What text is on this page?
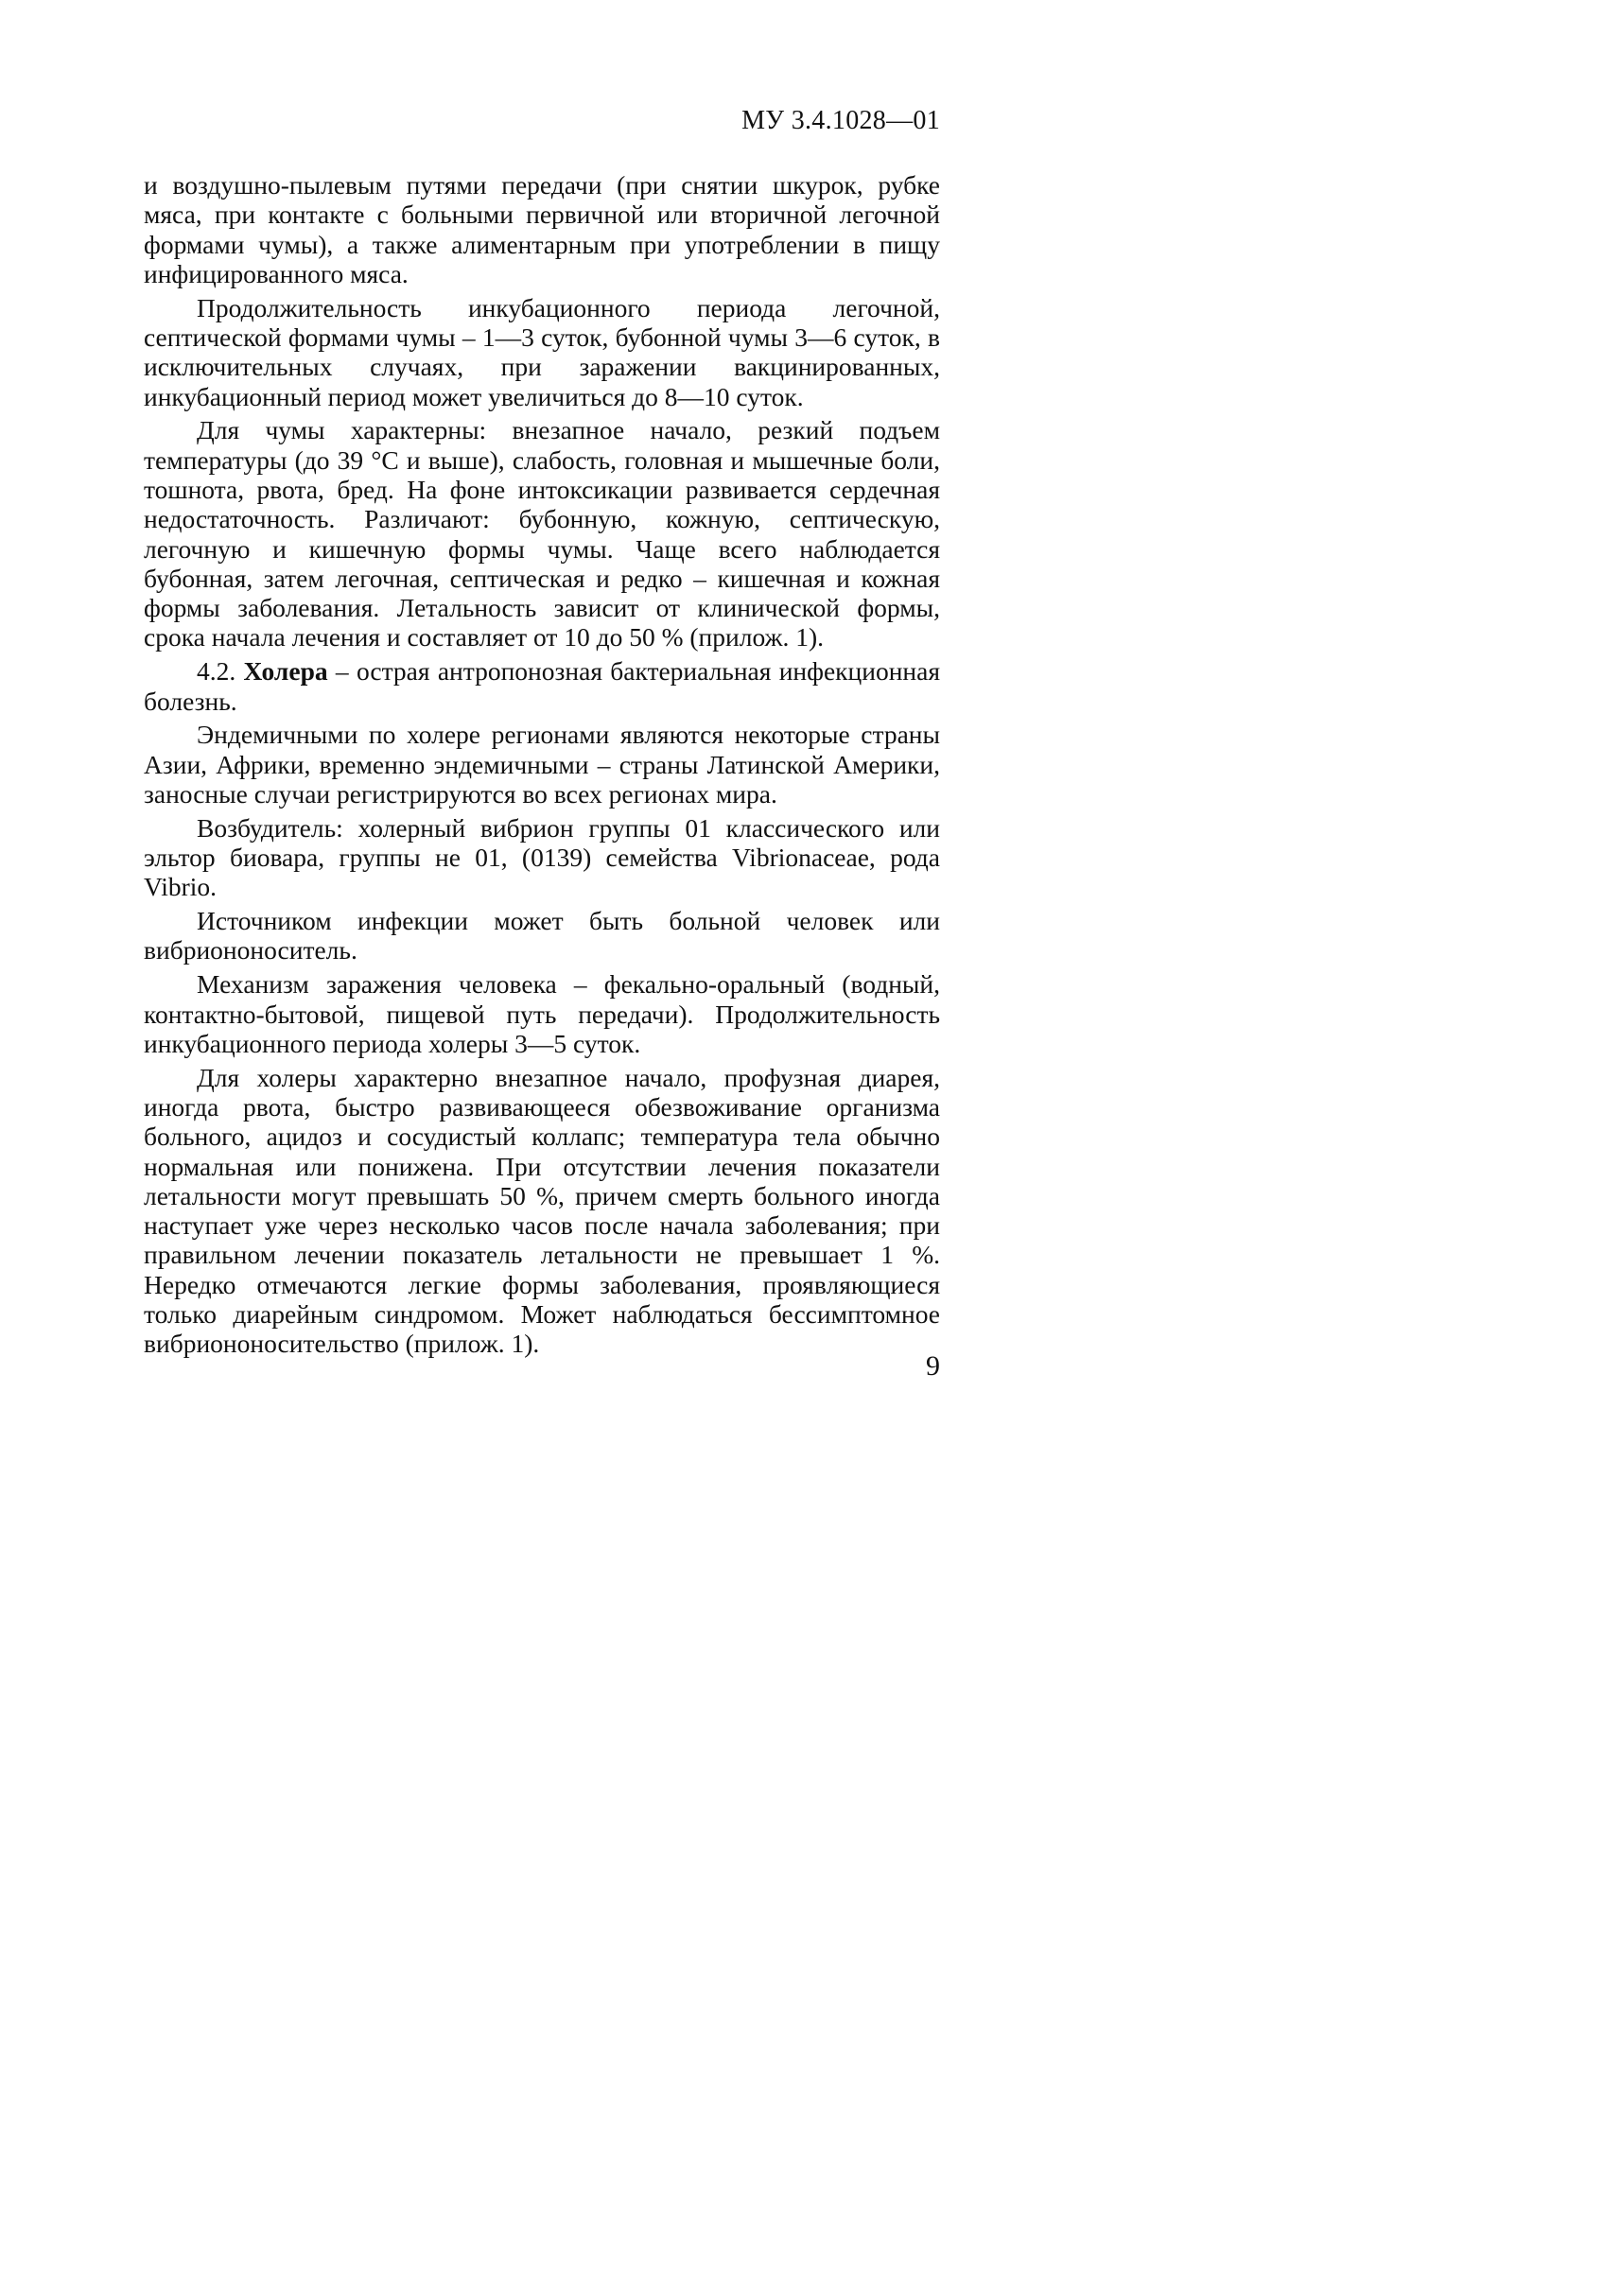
МУ 3.4.1028—01

и воздушно-пылевым путями передачи (при снятии шкурок, рубке мяса, при контакте с больными первичной или вторичной легочной формами чумы), а также алиментарным при употреблении в пищу инфицированного мяса.

Продолжительность инкубационного периода легочной, септической формами чумы – 1—3 суток, бубонной чумы 3—6 суток, в исключительных случаях, при заражении вакцинированных, инкубационный период может увеличиться до 8—10 суток.

Для чумы характерны: внезапное начало, резкий подъем температуры (до 39 °С и выше), слабость, головная и мышечные боли, тошнота, рвота, бред. На фоне интоксикации развивается сердечная недостаточность. Различают: бубонную, кожную, септическую, легочную и кишечную формы чумы. Чаще всего наблюдается бубонная, затем легочная, септическая и редко – кишечная и кожная формы заболевания. Летальность зависит от клинической формы, срока начала лечения и составляет от 10 до 50 % (прилож. 1).

4.2. Холера – острая антропонозная бактериальная инфекционная болезнь.

Эндемичными по холере регионами являются некоторые страны Азии, Африки, временно эндемичными – страны Латинской Америки, заносные случаи регистрируются во всех регионах мира.

Возбудитель: холерный вибрион группы 01 классического или эльтор биовара, группы не 01, (0139) семейства Vibrionaceae, рода Vibrio.

Источником инфекции может быть больной человек или вибриононоситель.

Механизм заражения человека – фекально-оральный (водный, контактно-бытовой, пищевой путь передачи). Продолжительность инкубационного периода холеры 3—5 суток.

Для холеры характерно внезапное начало, профузная диарея, иногда рвота, быстро развивающееся обезвоживание организма больного, ацидоз и сосудистый коллапс; температура тела обычно нормальная или понижена. При отсутствии лечения показатели летальности могут превышать 50 %, причем смерть больного иногда наступает уже через несколько часов после начала заболевания; при правильном лечении показатель летальности не превышает 1 %. Нередко отмечаются легкие формы заболевания, проявляющиеся только диарейным синдромом. Может наблюдаться бессимптомное вибриононосительство (прилож. 1).

9
